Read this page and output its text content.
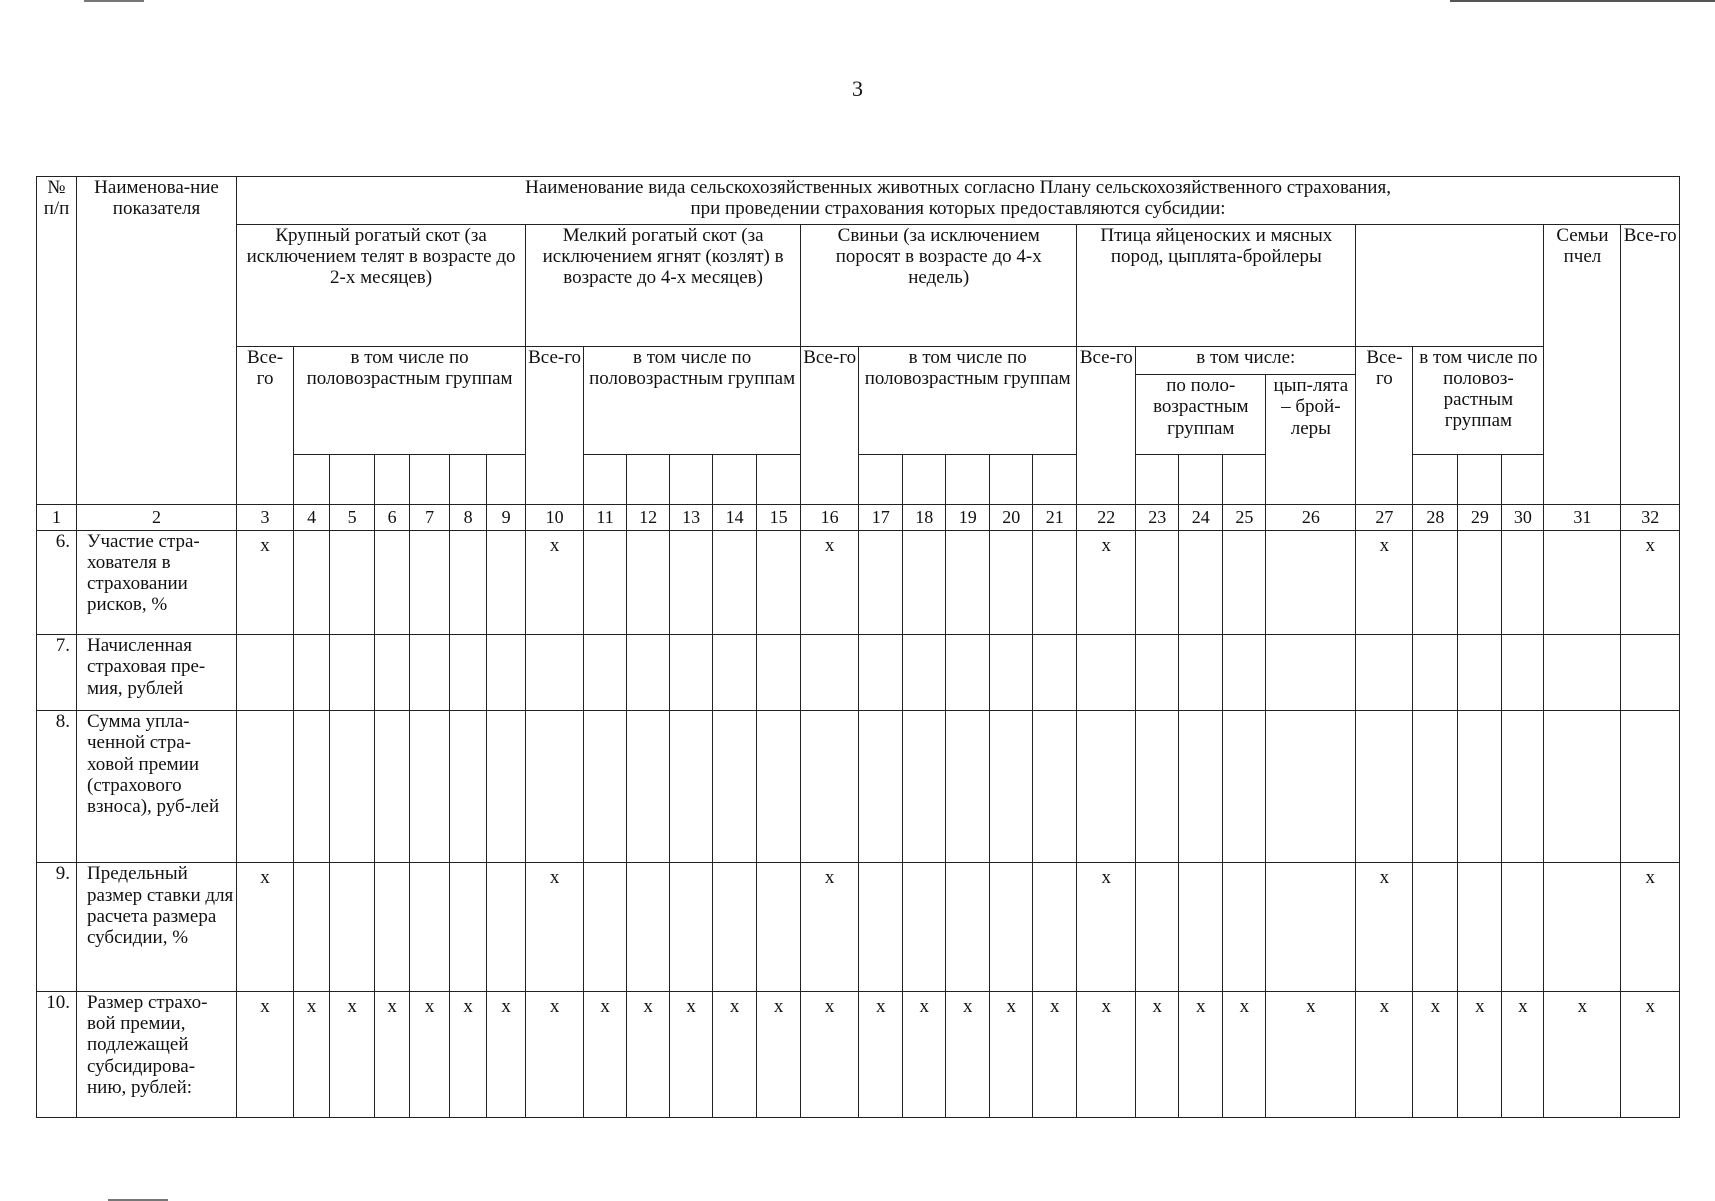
3
№ п/п	Наименова-ние показателя	Наименование вида сельскохозяйственных животных согласно Плану сельскохозяйственного страхования,
при проведении страхования которых предоставляются субсидии:																													

		Крупный рогатый скот (за исключением телят в возрасте до 2-х месяцев)							Мелкий рогатый скот (за исключением ягнят (козлят) в возрасте до 4-х месяцев)						Свиньи (за исключением поросят в возрасте до 4-х недель)						Птица яйценоских и мясных пород, цыплята-бройлеры									Семьи пчел	Все-го
		Все-го	в том числе по половозрастным группам						Все-го	в том числе по половозрастным группам					Все-го	в том числе по половозрастным группам					Все-го	в том числе:				Все-го	в том числе по половоз-растным группам				
																						по поло-возрастным группам			цып-лята – брой-леры						

1	2	3	4	5	6	7	8	9	10	11	12	13	14	15	16	17	18	19	20	21	22	23	24	25	26	27	28	29	30	31	32
6.	Участие стра-хователя в страховании рисков, %	x							x						x						x					x					x
7.	Начисленная страховая пре-мия, рублей																														
8.	Сумма упла-ченной стра-ховой премии (страхового взноса), руб-лей																														
9.	Предельный размер ставки для расчета размера субсидии, %	x							x						x						x					x					x
10.	Размер страхо-вой премии, подлежащей субсидирова-нию, рублей:	x	x	x	x	x	x	x	x	x	x	x	x	x	x	x	x	x	x	x	x	x	x	x	x	x	x	x	x	x	x
